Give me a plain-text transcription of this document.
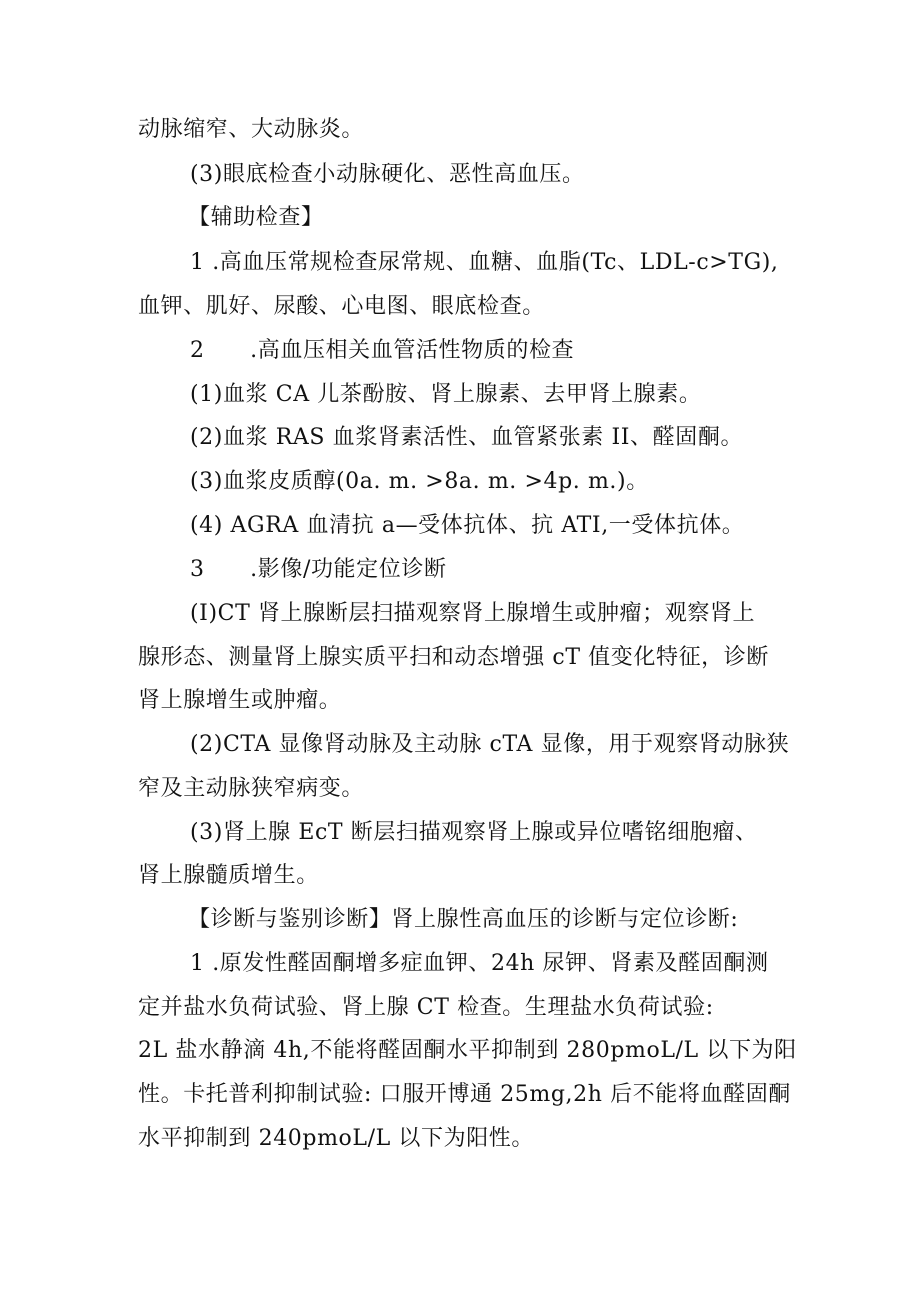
动脉缩窄、大动脉炎。
(3)眼底检查小动脉硬化、恶性高血压。
【辅助检查】
1 .高血压常规检查尿常规、血糖、血脂(Tc、LDL-c>TG),
血钾、肌好、尿酸、心电图、眼底检查。
2      .高血压相关血管活性物质的检查
(1)血浆 CA 儿茶酚胺、肾上腺素、去甲肾上腺素。
(2)血浆 RAS 血浆肾素活性、血管紧张素 II、醛固酮。
(3)血浆皮质醇(0a. m. >8a. m. >4p. m.)。
(4) AGRA 血清抗 a—受体抗体、抗 ATI,一受体抗体。
3      .影像/功能定位诊断
(I)CT 肾上腺断层扫描观察肾上腺增生或肿瘤；观察肾上
腺形态、测量肾上腺实质平扫和动态增强 cT 值变化特征，诊断
肾上腺增生或肿瘤。
(2)CTA 显像肾动脉及主动脉 cTA 显像，用于观察肾动脉狭
窄及主动脉狭窄病变。
(3)肾上腺 EcT 断层扫描观察肾上腺或异位嗜铭细胞瘤、
肾上腺髓质增生。
【诊断与鉴别诊断】肾上腺性高血压的诊断与定位诊断:
1 .原发性醛固酮增多症血钾、24h 尿钾、肾素及醛固酮测
定并盐水负荷试验、肾上腺 CT 检查。生理盐水负荷试验:
2L 盐水静滴 4h,不能将醛固酮水平抑制到 280pmoL/L 以下为阳
性。卡托普利抑制试验: 口服开博通 25mg,2h 后不能将血醛固酮
水平抑制到 240pmoL/L 以下为阳性。
